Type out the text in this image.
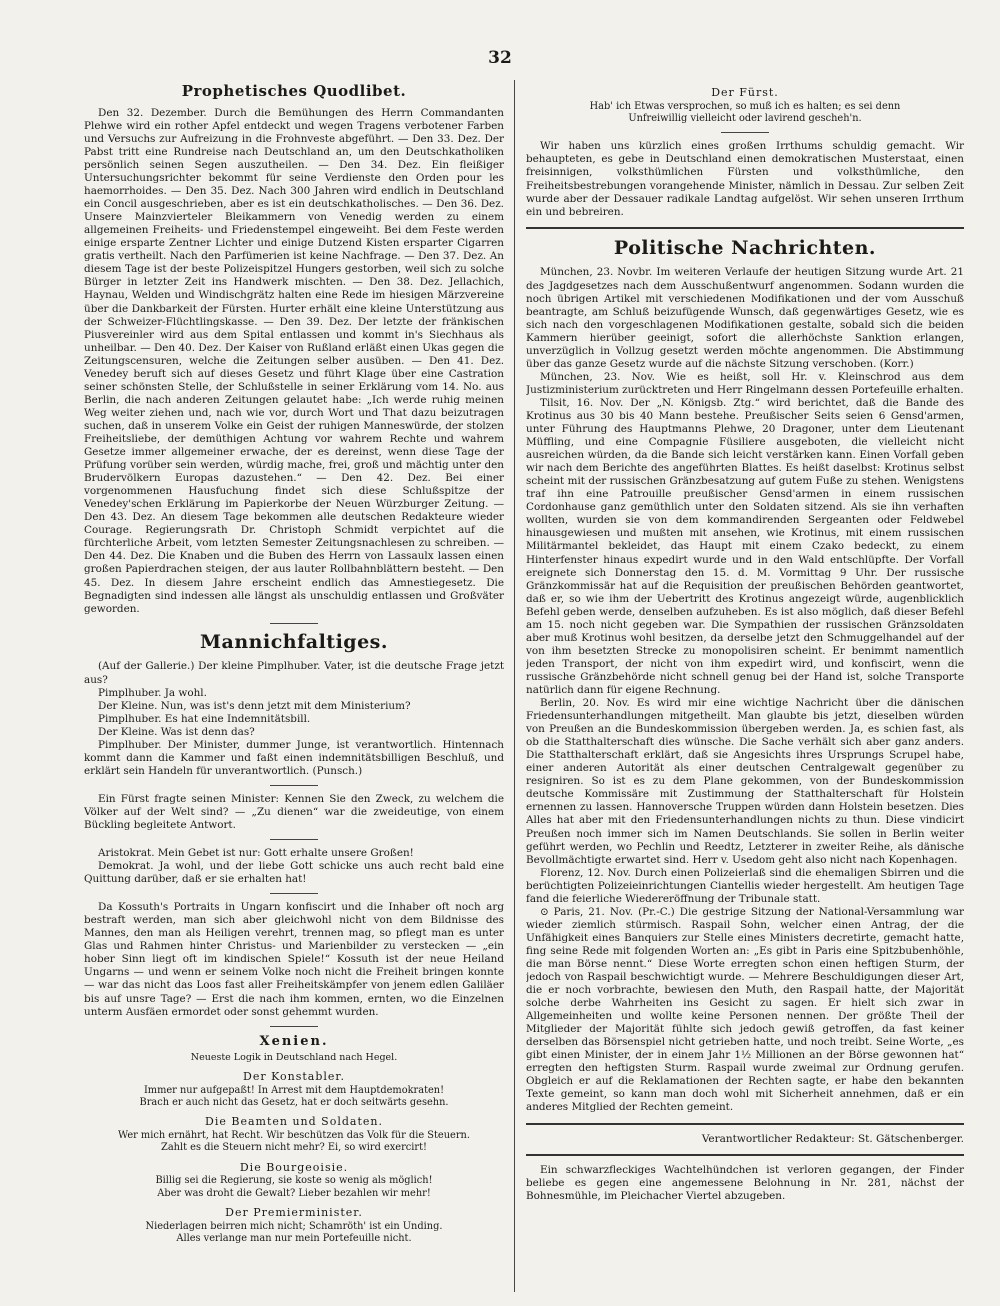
32
Prophetisches Quodlibet.

Den 32. Dezember. Durch die Bemühungen des Herrn Commandanten Plehwe wird ein rother Apfel entdeckt und wegen Tragens verbotener Farben und Versuchs zur Aufreizung in die Frohnveste abgeführt. — Den 33. Dez. Der Pabst tritt eine Rundreise nach Deutschland an, um den Deutschkatholiken persönlich seinen Segen auszutheilen. — Den 34. Dez. Ein fleißiger Untersuchungsrichter bekommt für seine Verdienste den Orden pour les haemorrhoides. — Den 35. Dez. Nach 300 Jahren wird endlich in Deutschland ein Concil ausgeschrieben, aber es ist ein deutschkatholisches. — Den 36. Dez. Unsere Mainzvierteler Bleikammern von Venedig werden zu einem allgemeinen Freiheits- und Friedenstempel eingeweiht. Bei dem Feste werden einige ersparte Zentner Lichter und einige Dutzend Kisten ersparter Cigarren gratis vertheilt. Nach den Parfümerien ist keine Nachfrage. — Den 37. Dez. An diesem Tage ist der beste Polizeispitzel Hungers gestorben, weil sich zu solche Bürger in letzter Zeit ins Handwerk mischten. — Den 38. Dez. Jellachich, Haynau, Welden und Windischgrätz halten eine Rede im hiesigen Märzvereine über die Dankbarkeit der Fürsten. Hurter erhält eine kleine Unterstützung aus der Schweizer-Flüchtlingskasse. — Den 39. Dez. Der letzte der fränkischen Piusvereinler wird aus dem Spital entlassen und kommt in's Siechhaus als unheilbar. — Den 40. Dez. Der Kaiser von Rußland erläßt einen Ukas gegen die Zeitungscensuren, welche die Zeitungen selber ausüben. — Den 41. Dez. Venedey beruft sich auf dieses Gesetz und führt Klage über eine Castration seiner schönsten Stelle, der Schlußstelle in seiner Erklärung vom 14. No. aus Berlin, die nach anderen Zeitungen gelautet habe: „Ich werde ruhig meinen Weg weiter ziehen und, nach wie vor, durch Wort und That dazu beizutragen suchen, daß in unserem Volke ein Geist der ruhigen Manneswürde, der stolzen Freiheitsliebe, der demüthigen Achtung vor wahrem Rechte und wahrem Gesetze immer allgemeiner erwache, der es dereinst, wenn diese Tage der Prüfung vorüber sein werden, würdig mache, frei, groß und mächtig unter den Brudervölkern Europas dazustehen.“ — Den 42. Dez. Bei einer vorgenommenen Hausfuchung findet sich diese Schlußspitze der Venedey'schen Erklärung im Papierkorbe der Neuen Würzburger Zeitung. — Den 43. Dez. An diesem Tage bekommen alle deutschen Redakteure wieder Courage. Regierungsrath Dr. Christoph Schmidt verpichtet auf die fürchterliche Arbeit, vom letzten Semester Zeitungsnachlesen zu schreiben. — Den 44. Dez. Die Knaben und die Buben des Herrn von Lassaulx lassen einen großen Papierdrachen steigen, der aus lauter Rollbahnblättern besteht. — Den 45. Dez. In diesem Jahre erscheint endlich das Amnestiegesetz. Die Begnadigten sind indessen alle längst als unschuldig entlassen und Großväter geworden.

Mannichfaltiges.

(Auf der Gallerie.) Der kleine Pimplhuber. Vater, ist die deutsche Frage jetzt aus?

Pimplhuber. Ja wohl.

Der Kleine. Nun, was ist's denn jetzt mit dem Ministerium?

Pimplhuber. Es hat eine Indemnitätsbill.

Der Kleine. Was ist denn das?

Pimplhuber. Der Minister, dummer Junge, ist verantwortlich. Hintennach kommt dann die Kammer und faßt einen indemnitätsbilligen Beschluß, und erklärt sein Handeln für unverantwortlich. (Punsch.)

Ein Fürst fragte seinen Minister: Kennen Sie den Zweck, zu welchem die Völker auf der Welt sind? — „Zu dienen“ war die zweideutige, von einem Bückling begleitete Antwort.

Aristokrat. Mein Gebet ist nur: Gott erhalte unsere Großen!

Demokrat. Ja wohl, und der liebe Gott schicke uns auch recht bald eine Quittung darüber, daß er sie erhalten hat!

Da Kossuth's Portraits in Ungarn konfiscirt und die Inhaber oft noch arg bestraft werden, man sich aber gleichwohl nicht von dem Bildnisse des Mannes, den man als Heiligen verehrt, trennen mag, so pflegt man es unter Glas und Rahmen hinter Christus- und Marienbilder zu verstecken — „ein hober Sinn liegt oft im kindischen Spiele!“ Kossuth ist der neue Heiland Ungarns — und wenn er seinem Volke noch nicht die Freiheit bringen konnte — war das nicht das Loos fast aller Freiheitskämpfer von jenem edlen Galiläer bis auf unsre Tage? — Erst die nach ihm kommen, ernten, wo die Einzelnen unterm Ausfäen ermordet oder sonst gehemmt wurden.

Xenien.
Neueste Logik in Deutschland nach Hegel.
Der Konstabler.
Immer nur aufgepaßt! In Arrest mit dem Hauptdemokraten!
Brach er auch nicht das Gesetz, hat er doch seitwärts gesehn.
Die Beamten und Soldaten.
Wer mich ernährt, hat Recht. Wir beschützen das Volk für die Steuern.
Zahlt es die Steuern nicht mehr? Ei, so wird exercirt!
Die Bourgeoisie.
Billig sei die Regierung, sie koste so wenig als möglich!
Aber was droht die Gewalt? Lieber bezahlen wir mehr!
Der Premierminister.
Niederlagen beirren mich nicht; Schamröth' ist ein Unding.
Alles verlange man nur mein Portefeuille nicht.
Der Fürst.
Hab' ich Etwas versprochen, so muß ich es halten; es sei denn
Unfreiwillig vielleicht oder lavirend gescheh'n.

Wir haben uns kürzlich eines großen Irrthums schuldig gemacht. Wir behaupteten, es gebe in Deutschland einen demokratischen Musterstaat, einen freisinnigen, volksthümlichen Fürsten und volksthümliche, den Freiheitsbestrebungen vorangehende Minister, nämlich in Dessau. Zur selben Zeit wurde aber der Dessauer radikale Landtag aufgelöst. Wir sehen unseren Irrthum ein und bebreiren.

Politische Nachrichten.

München, 23. Novbr. Im weiteren Verlaufe der heutigen Sitzung wurde Art. 21 des Jagdgesetzes nach dem Ausschußentwurf angenommen. Sodann wurden die noch übrigen Artikel mit verschiedenen Modifikationen und der vom Ausschuß beantragte, am Schluß beizufügende Wunsch, daß gegenwärtiges Gesetz, wie es sich nach den vorgeschlagenen Modifikationen gestalte, sobald sich die beiden Kammern hierüber geeinigt, sofort die allerhöchste Sanktion erlangen, unverzüglich in Vollzug gesetzt werden möchte angenommen. Die Abstimmung über das ganze Gesetz wurde auf die nächste Sitzung verschoben. (Korr.)

München, 23. Nov. Wie es heißt, soll Hr. v. Kleinschrod aus dem Justizministerium zurücktreten und Herr Ringelmann dessen Portefeuille erhalten.

Tilsit, 16. Nov. Der „N. Königsb. Ztg.“ wird berichtet, daß die Bande des Krotinus aus 30 bis 40 Mann bestehe. Preußischer Seits seien 6 Gensd'armen, unter Führung des Hauptmanns Plehwe, 20 Dragoner, unter dem Lieutenant Müffling, und eine Compagnie Füsiliere ausgeboten, die vielleicht nicht ausreichen würden, da die Bande sich leicht verstärken kann. Einen Vorfall geben wir nach dem Berichte des angeführten Blattes. Es heißt daselbst: Krotinus selbst scheint mit der russischen Gränzbesatzung auf gutem Fuße zu stehen. Wenigstens traf ihn eine Patrouille preußischer Gensd'armen in einem russischen Cordonhause ganz gemüthlich unter den Soldaten sitzend. Als sie ihn verhaften wollten, wurden sie von dem kommandirenden Sergeanten oder Feldwebel hinausgewiesen und mußten mit ansehen, wie Krotinus, mit einem russischen Militärmantel bekleidet, das Haupt mit einem Czako bedeckt, zu einem Hinterfenster hinaus expedirt wurde und in den Wald entschlüpfte. Der Vorfall ereignete sich Donnerstag den 15. d. M. Vormittag 9 Uhr. Der russische Gränzkommissär hat auf die Requisition der preußischen Behörden geantwortet, daß er, so wie ihm der Uebertritt des Krotinus angezeigt würde, augenblicklich Befehl geben werde, denselben aufzuheben. Es ist also möglich, daß dieser Befehl am 15. noch nicht gegeben war. Die Sympathien der russischen Gränzsoldaten aber muß Krotinus wohl besitzen, da derselbe jetzt den Schmuggelhandel auf der von ihm besetzten Strecke zu monopolisiren scheint. Er benimmt namentlich jeden Transport, der nicht von ihm expedirt wird, und konfiscirt, wenn die russische Gränzbehörde nicht schnell genug bei der Hand ist, solche Transporte natürlich dann für eigene Rechnung.

Berlin, 20. Nov. Es wird mir eine wichtige Nachricht über die dänischen Friedensunterhandlungen mitgetheilt. Man glaubte bis jetzt, dieselben würden von Preußen an die Bundeskommission übergeben werden. Ja, es schien fast, als ob die Statthalterschaft dies wünsche. Die Sache verhält sich aber ganz anders. Die Statthalterschaft erklärt, daß sie Angesichts ihres Ursprungs Scrupel habe, einer anderen Autorität als einer deutschen Centralgewalt gegenüber zu resigniren. So ist es zu dem Plane gekommen, von der Bundeskommission deutsche Kommissäre mit Zustimmung der Statthalterschaft für Holstein ernennen zu lassen. Hannoversche Truppen würden dann Holstein besetzen. Dies Alles hat aber mit den Friedensunterhandlungen nichts zu thun. Diese vindicirt Preußen noch immer sich im Namen Deutschlands. Sie sollen in Berlin weiter geführt werden, wo Pechlin und Reedtz, Letzterer in zweiter Reihe, als dänische Bevollmächtigte erwartet sind. Herr v. Usedom geht also nicht nach Kopenhagen.

Florenz, 12. Nov. Durch einen Polizeierlaß sind die ehemaligen Sbirren und die berüchtigten Polizeieinrichtungen Ciantellis wieder hergestellt. Am heutigen Tage fand die feierliche Wiedereröffnung der Tribunale statt.

⊙ Paris, 21. Nov. (Pr.-C.) Die gestrige Sitzung der National-Versammlung war wieder ziemlich stürmisch. Raspail Sohn, welcher einen Antrag, der die Unfähigkeit eines Banquiers zur Stelle eines Ministers decretirte, gemacht hatte, fing seine Rede mit folgenden Worten an: „Es gibt in Paris eine Spitzbubenhöhle, die man Börse nennt.“ Diese Worte erregten schon einen heftigen Sturm, der jedoch von Raspail beschwichtigt wurde. — Mehrere Beschuldigungen dieser Art, die er noch vorbrachte, bewiesen den Muth, den Raspail hatte, der Majorität solche derbe Wahrheiten ins Gesicht zu sagen. Er hielt sich zwar in Allgemeinheiten und wollte keine Personen nennen. Der größte Theil der Mitglieder der Majorität fühlte sich jedoch gewiß getroffen, da fast keiner derselben das Börsenspiel nicht getrieben hatte, und noch treibt. Seine Worte, „es gibt einen Minister, der in einem Jahr 1½ Millionen an der Börse gewonnen hat“ erregten den heftigsten Sturm. Raspail wurde zweimal zur Ordnung gerufen. Obgleich er auf die Reklamationen der Rechten sagte, er habe den bekannten Texte gemeint, so kann man doch wohl mit Sicherheit annehmen, daß er ein anderes Mitglied der Rechten gemeint.

Verantwortlicher Redakteur: St. Gätschenberger.

Ein schwarzfleckiges Wachtelhündchen ist verloren gegangen, der Finder beliebe es gegen eine angemessene Belohnung in Nr. 281, nächst der Bohnesmühle, im Pleichacher Viertel abzugeben.
